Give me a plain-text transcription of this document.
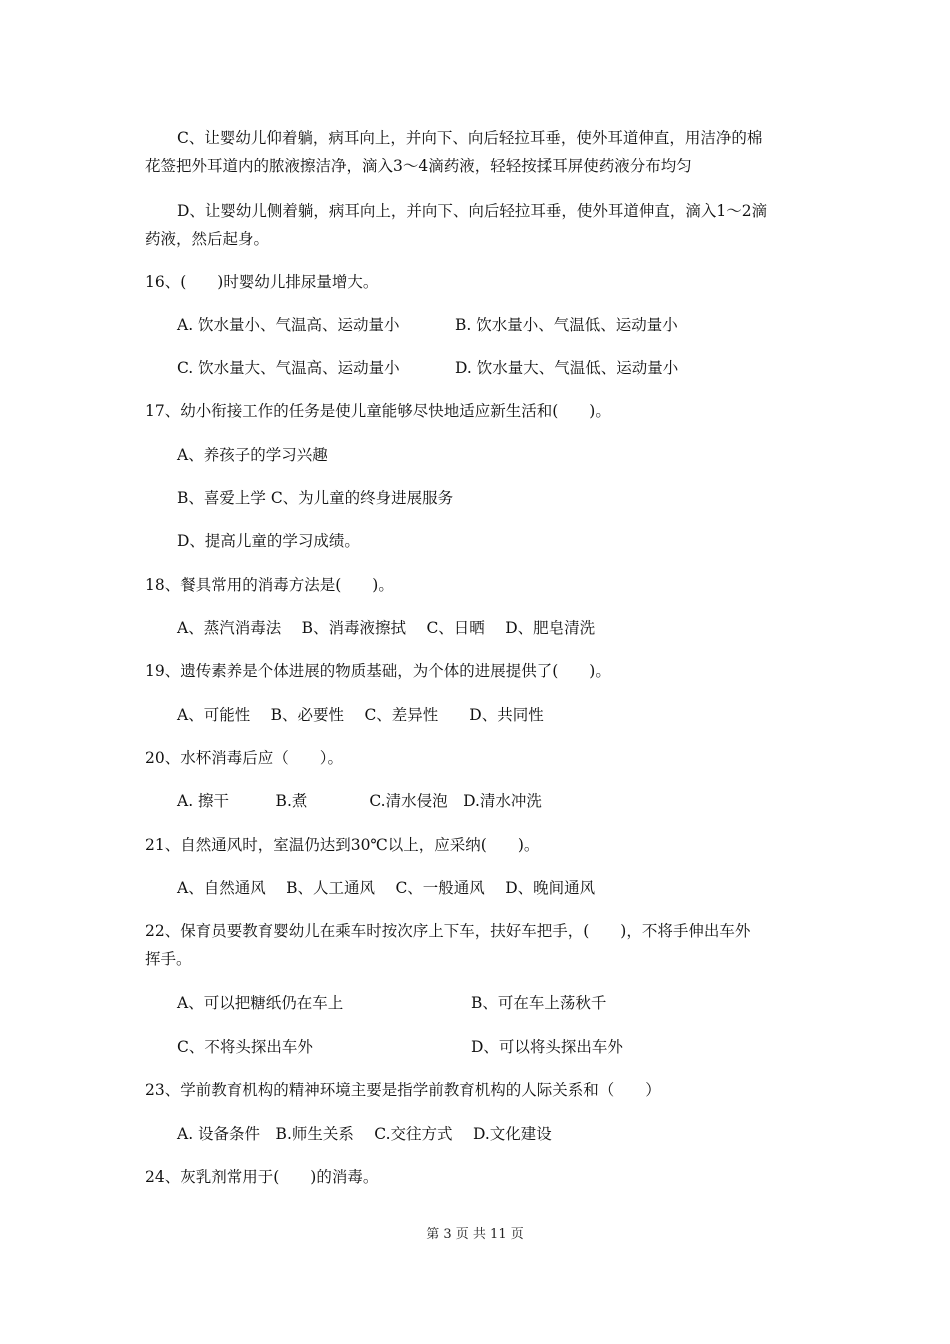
C、让婴幼儿仰着躺，病耳向上，并向下、向后轻拉耳垂，使外耳道伸直，用洁净的棉
花签把外耳道内的脓液擦洁净，滴入3～4滴药液，轻轻按揉耳屏使药液分布均匀
D、让婴幼儿侧着躺，病耳向上，并向下、向后轻拉耳垂，使外耳道伸直，滴入1～2滴
药液，然后起身。
16、(　　)时婴幼儿排尿量增大。
A. 饮水量小、气温高、运动量小	B. 饮水量小、气温低、运动量小
C. 饮水量大、气温高、运动量小	D. 饮水量大、气温低、运动量小
17、幼小衔接工作的任务是使儿童能够尽快地适应新生活和(　　)。
A、养孩子的学习兴趣
B、喜爱上学 C、为儿童的终身进展服务
D、提高儿童的学习成绩。
18、餐具常用的消毒方法是(　　)。
A、蒸汽消毒法　 B、消毒液擦拭　 C、日晒　 D、肥皂清洗
19、遗传素养是个体进展的物质基础，为个体的进展提供了(　　)。
A、可能性　 B、必要性　 C、差异性　　D、共同性
20、水杯消毒后应（　　）。
A. 擦干　　　B.煮　　　　C.清水侵泡　D.清水冲洗
21、自然通风时，室温仍达到30℃以上，应采纳(　　)。
A、自然通风　 B、人工通风　 C、一般通风　 D、晚间通风
22、保育员要教育婴幼儿在乘车时按次序上下车，扶好车把手，(　　)，不将手伸出车外
挥手。
A、可以把糖纸仍在车上	B、可在车上荡秋千
C、不将头探出车外	D、可以将头探出车外
23、学前教育机构的精神环境主要是指学前教育机构的人际关系和（　　）
A. 设备条件　B.师生关系　 C.交往方式　 D.文化建设
24、灰乳剂常用于(　　)的消毒。
第 3 页 共 11 页
